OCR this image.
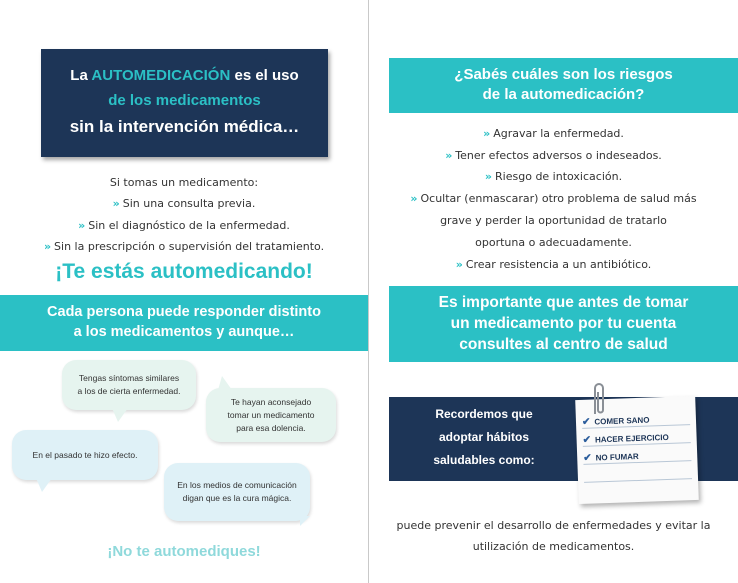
La AUTOMEDICACIÓN es el uso
de los medicamentos
sin la intervención médica…
Si tomas un medicamento:
» Sin una consulta previa.
» Sin el diagnóstico de la enfermedad.
» Sin la prescripción o supervisión del tratamiento.
¡Te estás automedicando!
Cada persona puede responder distinto
a los medicamentos y aunque…
Tengas síntomas similares
a los de cierta enfermedad.
Te hayan aconsejado
tomar un medicamento
para esa dolencia.
En el pasado te hizo efecto.
En los medios de comunicación
digan que es la cura mágica.
¡No te automediques!
¿Sabés cuáles son los riesgos
de la automedicación?
» Agravar la enfermedad.
» Tener efectos adversos o indeseados.
» Riesgo de intoxicación.
» Ocultar (enmascarar) otro problema de salud más
grave y perder la oportunidad de tratarlo
oportuna o adecuadamente.
» Crear resistencia a un antibiótico.
Es importante que antes de tomar
un medicamento por tu cuenta
consultes al centro de salud
Recordemos que
adoptar hábitos
saludables como:
✔ COMER SANO
✔ HACER EJERCICIO
✔ NO FUMAR
puede prevenir el desarrollo de enfermedades y evitar la
utilización de medicamentos.
